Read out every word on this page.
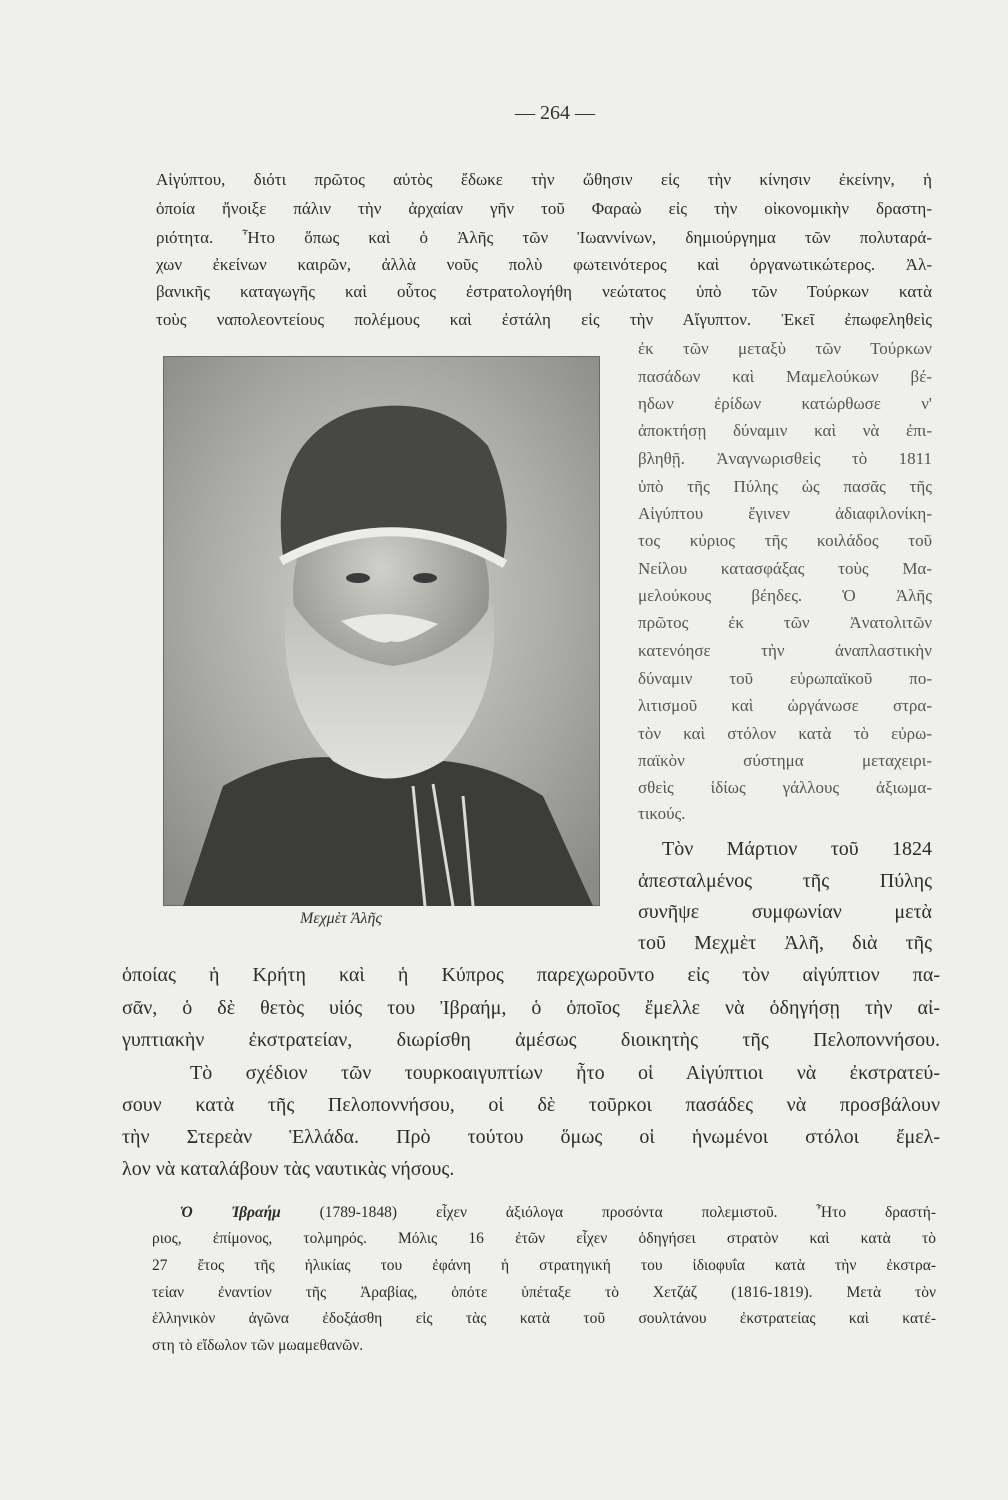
— 264 —
Αἰγύπτου, διότι πρῶτος αὐτὸς ἔδωκε τὴν ὤθησιν εἰς τὴν κίνησιν ἐκείνην, ἡ
ὁποία ἤνοιξε πάλιν τὴν ἀρχαίαν γῆν τοῦ Φαραὼ εἰς τὴν οἰκονομικὴν δραστη-
ριότητα. Ἦτο ὅπως καὶ ὁ Ἀλῆς τῶν Ἰωαννίνων, δημιούργημα τῶν πολυταρά-
χων ἐκείνων καιρῶν, ἀλλὰ νοῦς πολὺ φωτεινότερος καὶ ὀργανωτικώτερος. Ἀλ-
βανικῆς καταγωγῆς καὶ οὗτος ἐστρατολογήθη νεώτατος ὑπὸ τῶν Τούρκων κατὰ
τοὺς ναπολεοντείους πολέμους καὶ ἐστάλη εἰς τὴν Αἴγυπτον. Ἐκεῖ ἐπωφεληθεὶς
Μεχμὲτ Ἀλῆς
ἐκ τῶν μεταξὺ τῶν Τούρκων
πασάδων καὶ Μαμελούκων βέ-
ηδων ἐρίδων κατώρθωσε ν'
ἀποκτήσῃ δύναμιν καὶ νὰ ἐπι-
βληθῇ. Ἀναγνωρισθεὶς τὸ 1811
ὑπὸ τῆς Πύλης ὡς πασᾶς τῆς
Αἰγύπτου ἔγινεν ἀδιαφιλονίκη-
τος κύριος τῆς κοιλάδος τοῦ
Νείλου κατασφάξας τοὺς Μα-
μελούκους βέηδες. Ὁ Ἀλῆς
πρῶτος ἐκ τῶν Ἀνατολιτῶν
κατενόησε τὴν ἀναπλαστικὴν
δύναμιν τοῦ εὐρωπαϊκοῦ πο-
λιτισμοῦ καὶ ὠργάνωσε στρα-
τὸν καὶ στόλον κατὰ τὸ εὐρω-
παϊκὸν σύστημα μεταχειρι-
σθεὶς ἰδίως γάλλους ἀξιωμα-
τικούς.
Τὸν Μάρτιον τοῦ 1824
ἀπεσταλμένος τῆς Πύλης
συνῆψε συμφωνίαν μετὰ
τοῦ Μεχμὲτ Ἀλῆ, διὰ τῆς
ὁποίας ἡ Κρήτη καὶ ἡ Κύπρος παρεχωροῦντο εἰς τὸν αἰγύπτιον πα-
σᾶν, ὁ δὲ θετὸς υἱός του Ἰβραήμ, ὁ ὁποῖος ἔμελλε νὰ ὁδηγήσῃ τὴν αἰ-
γυπτιακὴν ἐκστρατείαν, διωρίσθη ἀμέσως διοικητὴς τῆς Πελοποννήσου.
Τὸ σχέδιον τῶν τουρκοαιγυπτίων ἦτο οἱ Αἰγύπτιοι νὰ ἐκστρατεύ-
σουν κατὰ τῆς Πελοποννήσου, οἱ δὲ τοῦρκοι πασάδες νὰ προσβάλουν
τὴν Στερεὰν Ἑλλάδα. Πρὸ τούτου ὅμως οἱ ἡνωμένοι στόλοι ἔμελ-
λον νὰ καταλάβουν τὰς ναυτικὰς νήσους.
Ὁ Ἰβραήμ (1789-1848) εἶχεν ἀξιόλογα προσόντα πολεμιστοῦ. Ἦτο δραστή-
ριος, ἐπίμονος, τολμηρός. Μόλις 16 ἐτῶν εἶχεν ὁδηγήσει στρατὸν καὶ κατὰ τὸ
27 ἔτος τῆς ἡλικίας του ἐφάνη ἡ στρατηγική του ἰδιοφυΐα κατὰ τὴν ἐκστρα-
τείαν ἐναντίον τῆς Ἀραβίας, ὁπότε ὑπέταξε τὸ Χετζάζ (1816-1819). Μετὰ τὸν
ἑλληνικὸν ἀγῶνα ἐδοξάσθη εἰς τὰς κατὰ τοῦ σουλτάνου ἐκστρατείας καὶ κατέ-
στη τὸ εἴδωλον τῶν μωαμεθανῶν.
